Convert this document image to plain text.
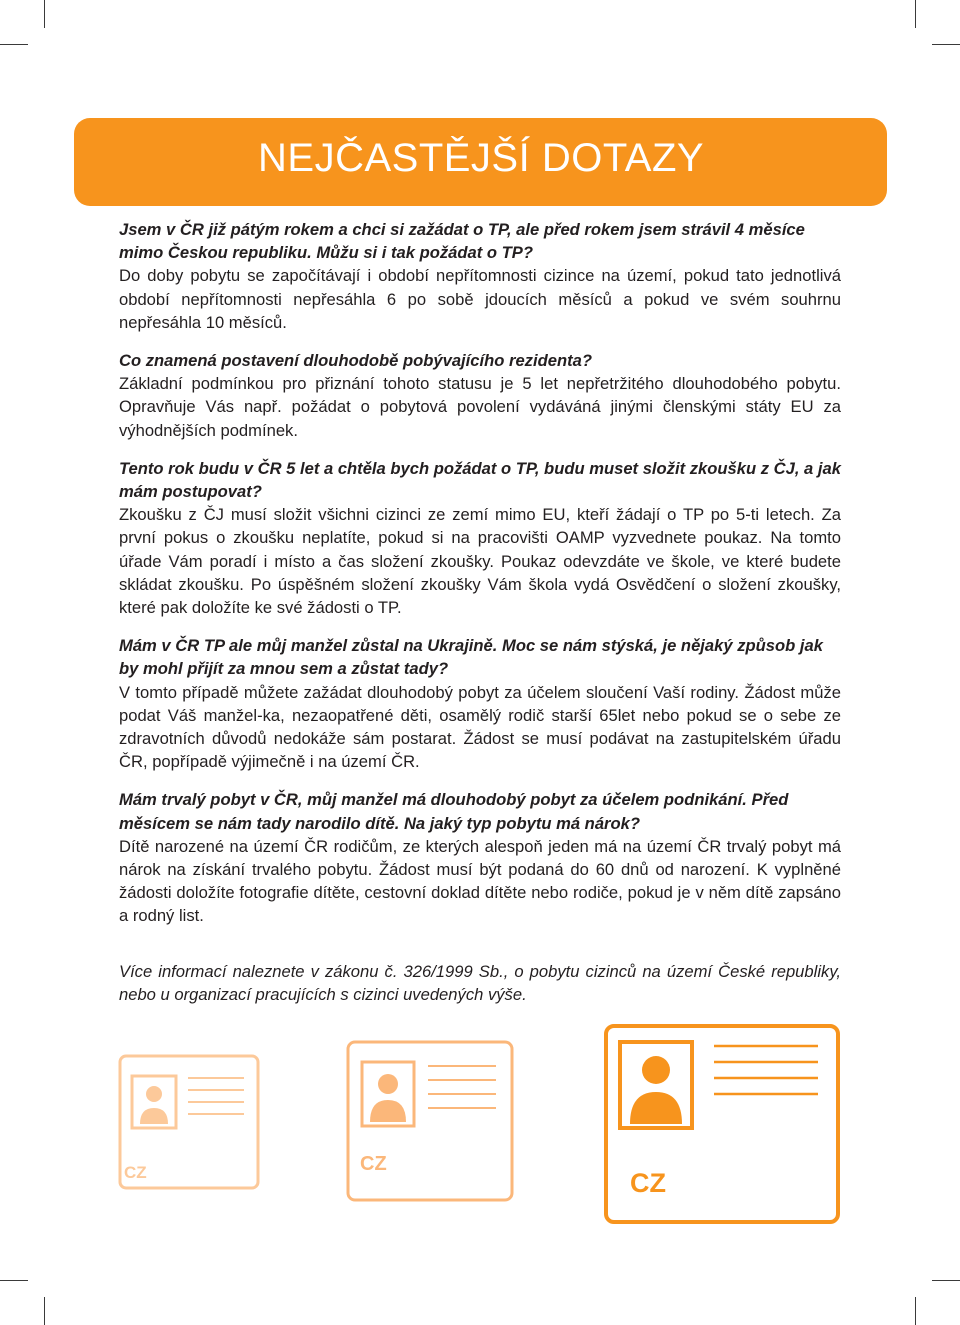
NEJČASTĚJŠÍ DOTAZY

Jsem v ČR již pátým rokem a chci si zažádat o TP, ale před rokem jsem strávil 4 měsíce mimo Českou republiku. Můžu si i tak požádat o TP?

Do doby pobytu se započítávají i období nepřítomnosti cizince na území, pokud tato jednotlivá období nepřítomnosti nepřesáhla 6 po sobě jdoucích měsíců a pokud ve svém souhrnu nepřesáhla 10 měsíců.

Co znamená postavení dlouhodobě pobývajícího rezidenta?

Základní podmínkou pro přiznání tohoto statusu je 5 let nepřetržitého dlouhodobého pobytu. Opravňuje Vás např. požádat o pobytová povolení vydáváná jinými členskými státy EU za výhodnějších podmínek.

Tento rok budu v ČR 5 let a chtěla bych požádat o TP, budu muset složit zkoušku z ČJ, a jak mám postupovat?

Zkoušku z ČJ musí složit všichni cizinci ze zemí mimo EU, kteří žádají o TP po 5-ti letech. Za první pokus o zkoušku neplatíte, pokud si na pracovišti OAMP vyzvednete poukaz. Na tomto úřade Vám poradí i místo a čas složení zkoušky. Poukaz odevzdáte ve škole, ve které budete skládat zkoušku. Po úspěšném složení zkoušky Vám škola vydá Osvědčení o složení zkoušky, které pak doložíte ke své žádosti o TP.

Mám v ČR TP ale můj manžel zůstal na Ukrajině. Moc se nám stýská, je nějaký způsob jak by mohl přijít za mnou sem a zůstat tady?

V tomto případě můžete zažádat dlouhodobý pobyt za účelem sloučení Vaší rodiny. Žádost může podat Váš manžel-ka, nezaopatřené děti, osamělý rodič starší 65let nebo pokud se o sebe ze zdravotních důvodů nedokáže sám postarat. Žádost se musí podávat na zastupitelském úřadu ČR, popřípadě výjimečně i na území ČR.

Mám trvalý pobyt v ČR, můj manžel má dlouhodobý pobyt za účelem podnikání. Před měsícem se nám tady narodilo dítě. Na jaký typ pobytu má nárok?

Dítě narozené na území ČR rodičům, ze kterých alespoň jeden má na území ČR trvalý pobyt má nárok na získání trvalého pobytu. Žádost musí být podaná do 60 dnů od narození. K vyplněné žádosti doložíte fotografie dítěte, cestovní doklad dítěte nebo rodiče, pokud je v něm dítě zapsáno a rodný list.

Více informací naleznete v zákonu č. 326/1999 Sb., o pobytu cizinců na území České republiky, nebo u organizací pracujících s cizinci uvedených výše.

CZ	CZ
CZ
